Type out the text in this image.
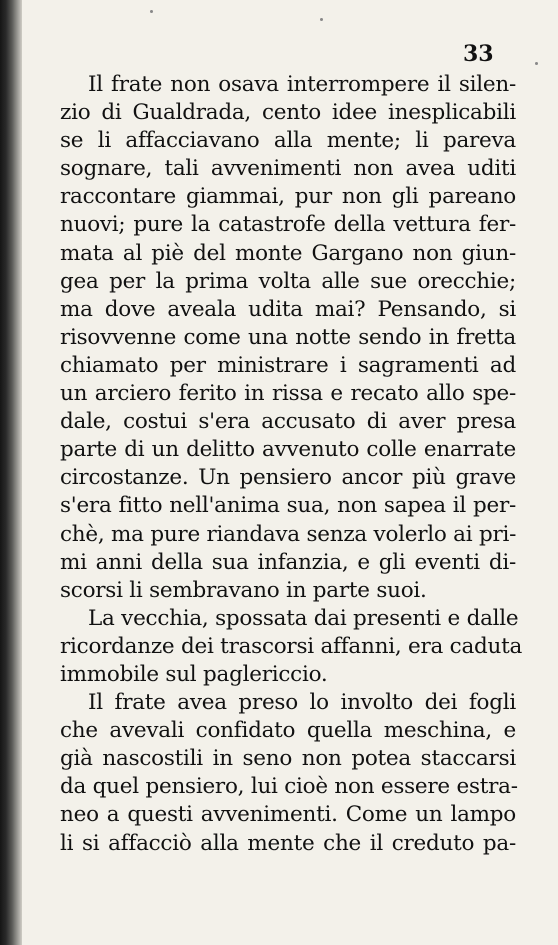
33
Il frate non osava interrompere il silen-
zio di Gualdrada, cento idee inesplicabili
se li affacciavano alla mente; li pareva
sognare, tali avvenimenti non avea uditi
raccontare giammai, pur non gli pareano
nuovi; pure la catastrofe della vettura fer-
mata al piè del monte Gargano non giun-
gea per la prima volta alle sue orecchie;
ma dove avealа udita mai? Pensando, si
risovvenne come una notte sendo in fretta
chiamato per ministrare i sagramenti ad
un arciero ferito in rissa e recato allo spe-
dale, costui s'era accusato di aver presa
parte di un delitto avvenuto colle enarrate
circostanze. Un pensiero ancor più grave
s'era fitto nell'anima sua, non sapea il per-
chè, ma pure riandava senza volerlo ai pri-
mi anni della sua infanzia, e gli eventi di-
scorsi li sembravano in parte suoi.
La vecchia, spossata dai presenti e dalle
ricordanze dei trascorsi affanni, era caduta
immobile sul paglericcio.
Il frate avea preso lo involto dei fogli
che avevali confidato quella meschina, e
già nascostili in seno non potea staccarsi
da quel pensiero, lui cioè non essere estra-
neo a questi avvenimenti. Come un lampo
li si affacciò alla mente che il creduto pa-
